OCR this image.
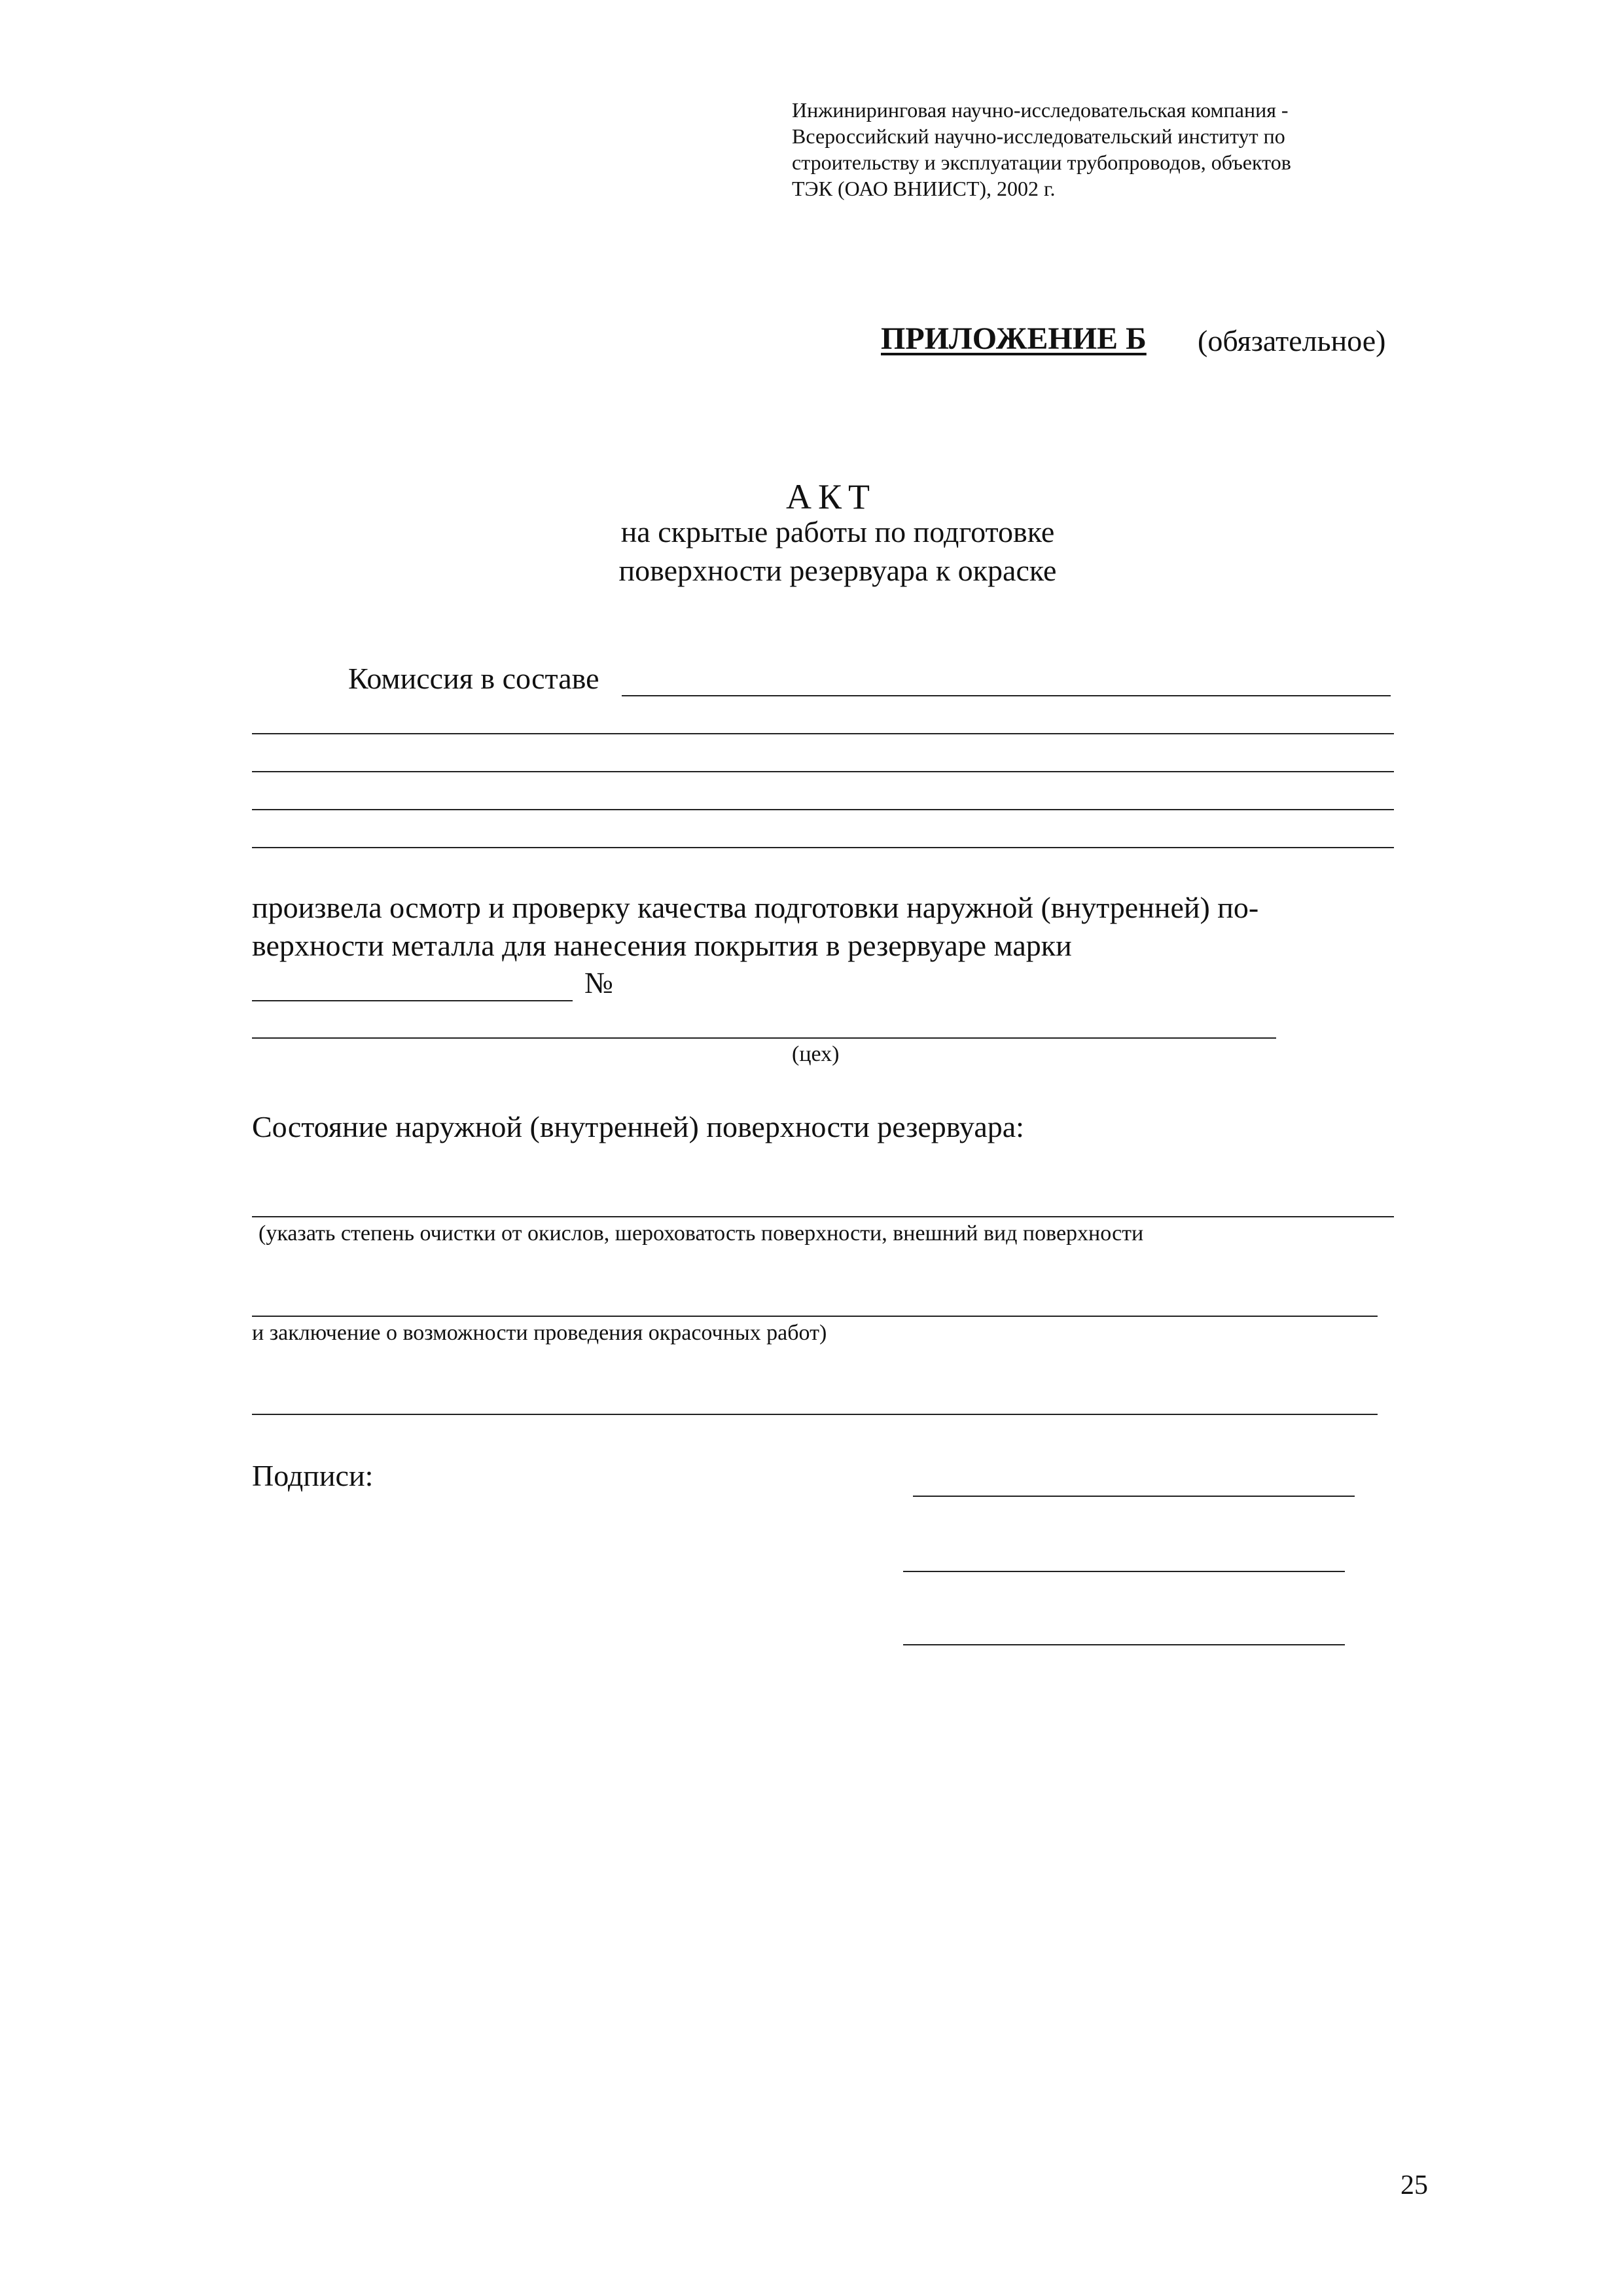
Инжиниринговая научно-исследовательская компания -
Всероссийский научно-исследовательский институт по
строительству и эксплуатации трубопроводов, объектов
ТЭК (ОАО ВНИИСТ), 2002 г.
ПРИЛОЖЕНИЕ Б (обязательное)
АКТ
на скрытые работы по подготовке
поверхности резервуара к окраске
Комиссия в составе
произвела осмотр и проверку качества подготовки наружной (внутренней) по-
верхности металла для нанесения покрытия в резервуаре марки
№
(цех)
Состояние наружной (внутренней) поверхности резервуара:
(указать степень очистки от окислов, шероховатость поверхности, внешний вид поверхности
и заключение о возможности проведения окрасочных работ)
Подписи:
25
